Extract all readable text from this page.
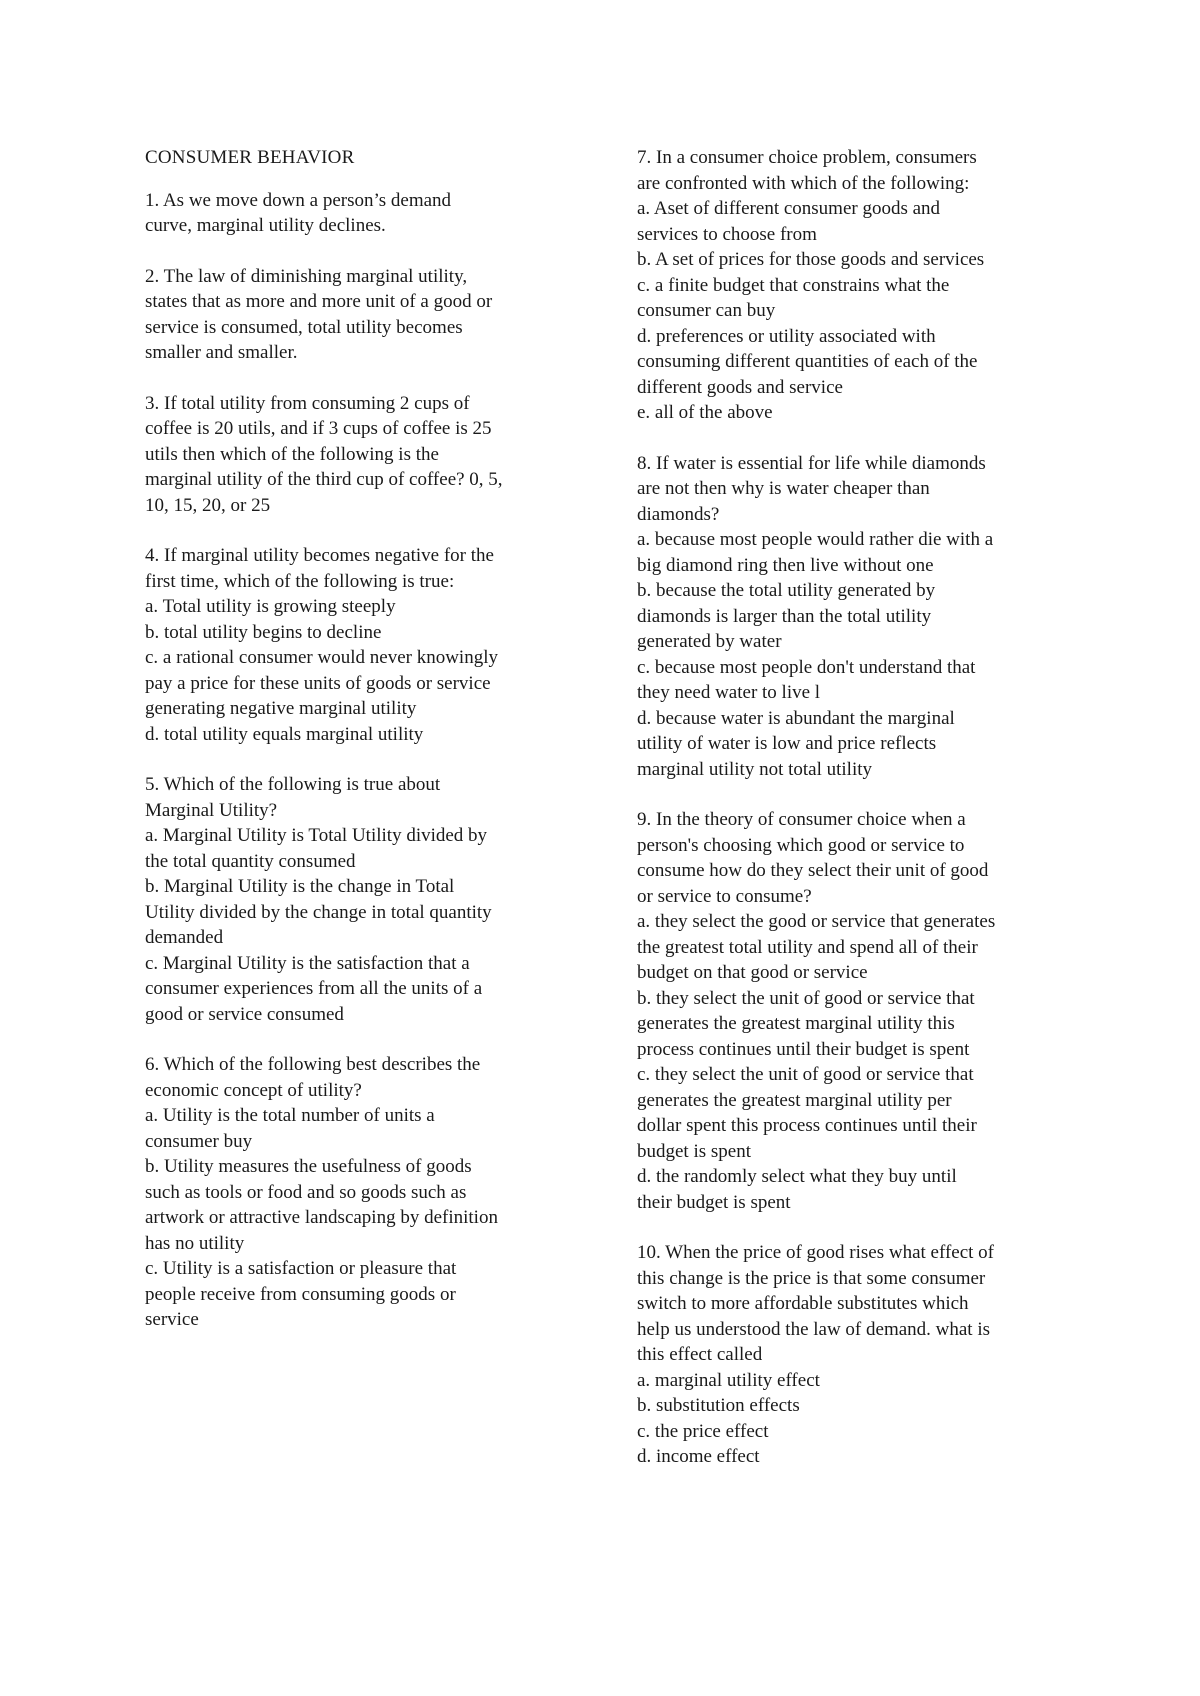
CONSUMER BEHAVIOR
1. As we move down a person’s demand
curve, marginal utility declines.
2. The law of diminishing marginal utility,
states that as more and more unit of a good or
service is consumed, total utility becomes
smaller and smaller.
3. If total utility from consuming 2 cups of
coffee is 20 utils, and if 3 cups of coffee is 25
utils then which of the following is the
marginal utility of the third cup of coffee? 0, 5,
10, 15, 20, or 25
4. If marginal utility becomes negative for the
first time, which of the following is true:
a. Total utility is growing steeply
b. total utility begins to decline
c. a rational consumer would never knowingly
pay a price for these units of goods or service
generating negative marginal utility
d. total utility equals marginal utility
5. Which of the following is true about
Marginal Utility?
a. Marginal Utility is Total Utility divided by
the total quantity consumed
b. Marginal Utility is the change in Total
Utility divided by the change in total quantity
demanded
c. Marginal Utility is the satisfaction that a
consumer experiences from all the units of a
good or service consumed
6. Which of the following best describes the
economic concept of utility?
a. Utility is the total number of units a
consumer buy
b. Utility measures the usefulness of goods
such as tools or food and so goods such as
artwork or attractive landscaping by definition
has no utility
c. Utility is a satisfaction or pleasure that
people receive from consuming goods or
service
7. In a consumer choice problem, consumers
are confronted with which of the following:
a. Aset of different consumer goods and
services to choose from
b. A set of prices for those goods and services
c. a finite budget that constrains what the
consumer can buy
d. preferences or utility associated with
consuming different quantities of each of the
different goods and service
e. all of the above
8. If water is essential for life while diamonds
are not then why is water cheaper than
diamonds?
a. because most people would rather die with a
big diamond ring then live without one
b. because the total utility generated by
diamonds is larger than the total utility
generated by water
c. because most people don't understand that
they need water to live l
d. because water is abundant the marginal
utility of water is low and price reflects
marginal utility not total utility
9. In the theory of consumer choice when a
person's choosing which good or service to
consume how do they select their unit of good
or service to consume?
a. they select the good or service that generates
the greatest total utility and spend all of their
budget on that good or service
b. they select the unit of good or service that
generates the greatest marginal utility this
process continues until their budget is spent
c. they select the unit of good or service that
generates the greatest marginal utility per
dollar spent this process continues until their
budget is spent
d. the randomly select what they buy until
their budget is spent
10. When the price of good rises what effect of
this change is the price is that some consumer
switch to more affordable substitutes which
help us understood the law of demand. what is
this effect called
a. marginal utility effect
b. substitution effects
c. the price effect
d. income effect
